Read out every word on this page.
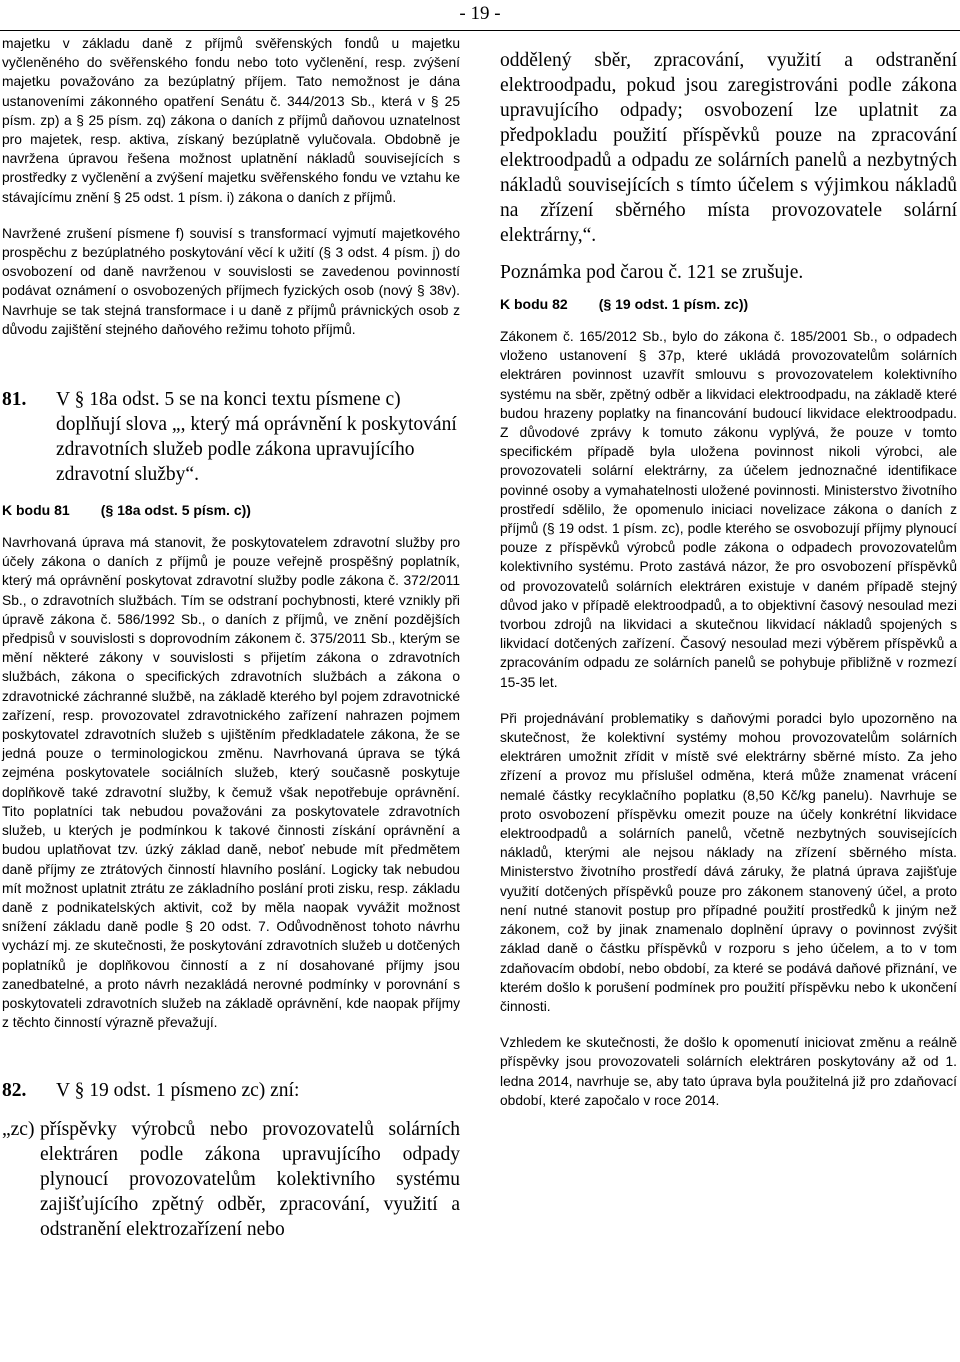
- 19 -

majetku v základu daně z příjmů svěřenských fondů u majetku vyčleněného do svěřenského fondu nebo toto vyčlenění, resp. zvýšení majetku považováno za bezúplatný příjem. Tato nemožnost je dána ustanoveními zákonného opatření Senátu č. 344/2013 Sb., která v § 25 písm. zp) a § 25 písm. zq) zákona o daních z příjmů daňovou uznatelnost pro majetek, resp. aktiva, získaný bezúplatně vylučovala. Obdobně je navržena úpravou řešena možnost uplatnění nákladů souvisejících s prostředky z vyčlenění a zvýšení majetku svěřenského fondu ve vztahu ke stávajícímu znění § 25 odst. 1 písm. i) zákona o daních z příjmů.

Navržené zrušení písmene f) souvisí s transformací vyjmutí majetkového prospěchu z bezúplatného poskytování věcí k užití (§ 3 odst. 4 písm. j) do osvobození od daně navrženou v souvislosti se zavedenou povinností podávat oznámení o osvobozených příjmech fyzických osob (nový § 38v). Navrhuje se tak stejná transformace i u daně z příjmů právnických osob z důvodu zajištění stejného daňového režimu tohoto příjmů.

81.	V § 18a odst. 5 se na konci textu písmene c) doplňují slova „, který má oprávnění k poskytování zdravotních služeb podle zákona upravujícího zdravotní služby“.

K bodu 81        (§ 18a odst. 5 písm. c))

Navrhovaná úprava má stanovit, že poskytovatelem zdravotní služby pro účely zákona o daních z příjmů je pouze veřejně prospěšný poplatník, který má oprávnění poskytovat zdravotní služby podle zákona č. 372/2011 Sb., o zdravotních službách. Tím se odstraní pochybnosti, které vznikly při úpravě zákona č. 586/1992 Sb., o daních z příjmů, ve znění pozdějších předpisů v souvislosti s doprovodním zákonem č. 375/2011 Sb., kterým se mění některé zákony v souvislosti s přijetím zákona o zdravotních službách, zákona o specifických zdravotních službách a zákona o zdravotnické záchranné službě, na základě kterého byl pojem zdravotnické zařízení, resp. provozovatel zdravotnického zařízení nahrazen pojmem poskytovatel zdravotních služeb s ujištěním předkladatele zákona, že se jedná pouze o terminologickou změnu. Navrhovaná úprava se týká zejména poskytovatele sociálních služeb, který současně poskytuje doplňkově také zdravotní služby, k čemuž však nepotřebuje oprávnění. Tito poplatníci tak nebudou považováni za poskytovatele zdravotních služeb, u kterých je podmínkou k takové činnosti získání oprávnění a budou uplatňovat tzv. úzký základ daně, neboť nebude mít předmětem daně příjmy ze ztrátových činností hlavního poslání. Logicky tak nebudou mít možnost uplatnit ztrátu ze základního poslání proti zisku, resp. základu daně z podnikatelských aktivit, což by měla naopak vyvážit možnost snížení základu daně podle § 20 odst. 7. Odůvodněnost tohoto návrhu vychází mj. ze skutečnosti, že poskytování zdravotních služeb u dotčených poplatníků je doplňkovou činností a z ní dosahované příjmy jsou zanedbatelné, a proto návrh nezakládá nerovné podmínky v porovnání s poskytovateli zdravotních služeb na základě oprávnění, kde naopak příjmy z těchto činností výrazně převažují.

82.	V § 19 odst. 1 písmeno zc) zní:
„zc) příspěvky výrobců nebo provozovatelů solárních elektráren podle zákona upravujícího odpady plynoucí provozovatelům kolektivního systému zajišťujícího zpětný odběr, zpracování, využití a odstranění elektrozařízení nebo

oddělený sběr, zpracování, využití a odstranění elektroodpadu, pokud jsou zaregistrováni podle zákona upravujícího odpady; osvobození lze uplatnit za předpokladu použití příspěvků pouze na zpracování elektroodpadů a odpadu ze solárních panelů a nezbytných nákladů souvisejících s tímto účelem s výjimkou nákladů na zřízení sběrného místa provozovatele solární elektrárny,“.

Poznámka pod čarou č. 121 se zrušuje.

K bodu 82        (§ 19 odst. 1 písm. zc))

Zákonem č. 165/2012 Sb., bylo do zákona č. 185/2001 Sb., o odpadech vloženo ustanovení § 37p, které ukládá provozovatelům solárních elektráren povinnost uzavřít smlouvu s provozovatelem kolektivního systému na sběr, zpětný odběr a likvidaci elektroodpadu, na základě které budou hrazeny poplatky na financování budoucí likvidace elektroodpadu. Z důvodové zprávy k tomuto zákonu vyplývá, že pouze v tomto specifickém případě byla uložena povinnost nikoli výrobci, ale provozovateli solární elektrárny, za účelem jednoznačné identifikace povinné osoby a vymahatelnosti uložené povinnosti. Ministerstvo životního prostředí sdělilo, že opomenulo iniciaci novelizace zákona o daních z příjmů (§ 19 odst. 1 písm. zc), podle kterého se osvobozují příjmy plynoucí pouze z příspěvků výrobců podle zákona o odpadech provozovatelům kolektivního systému. Proto zastává názor, že pro osvobození příspěvků od provozovatelů solárních elektráren existuje v daném případě stejný důvod jako v případě elektroodpadů, a to objektivní časový nesoulad mezi tvorbou zdrojů na likvidaci a skutečnou likvidací nákladů spojených s likvidací dotčených zařízení. Časový nesoulad mezi výběrem příspěvků a zpracováním odpadu ze solárních panelů se pohybuje přibližně v rozmezí 15-35 let.

Při projednávání problematiky s daňovými poradci bylo upozorněno na skutečnost, že kolektivní systémy mohou provozovatelům solárních elektráren umožnit zřídit v místě své elektrárny sběrné místo. Za jeho zřízení a provoz mu příslušel odměna, která může znamenat vrácení nemalé částky recyklačního poplatku (8,50 Kč/kg panelu). Navrhuje se proto osvobození příspěvku omezit pouze na účely konkrétní likvidace elektroodpadů a solárních panelů, včetně nezbytných souvisejících nákladů, kterými ale nejsou náklady na zřízení sběrného místa. Ministerstvo životního prostředí dává záruky, že platná úprava zajišťuje využití dotčených příspěvků pouze pro zákonem stanovený účel, a proto není nutné stanovit postup pro případné použití prostředků k jiným než zákonem, což by jinak znamenalo doplnění úpravy o povinnost zvýšit základ daně o částku příspěvků v rozporu s jeho účelem, a to v tom zdaňovacím období, nebo období, za které se podává daňové přiznání, ve kterém došlo k porušení podmínek pro použití příspěvku nebo k ukončení činnosti.

Vzhledem ke skutečnosti, že došlo k opomenutí iniciovat změnu a reálně příspěvky jsou provozovateli solárních elektráren poskytovány až od 1. ledna 2014, navrhuje se, aby tato úprava byla použitelná již pro zdaňovací období, které započalo v roce 2014.
